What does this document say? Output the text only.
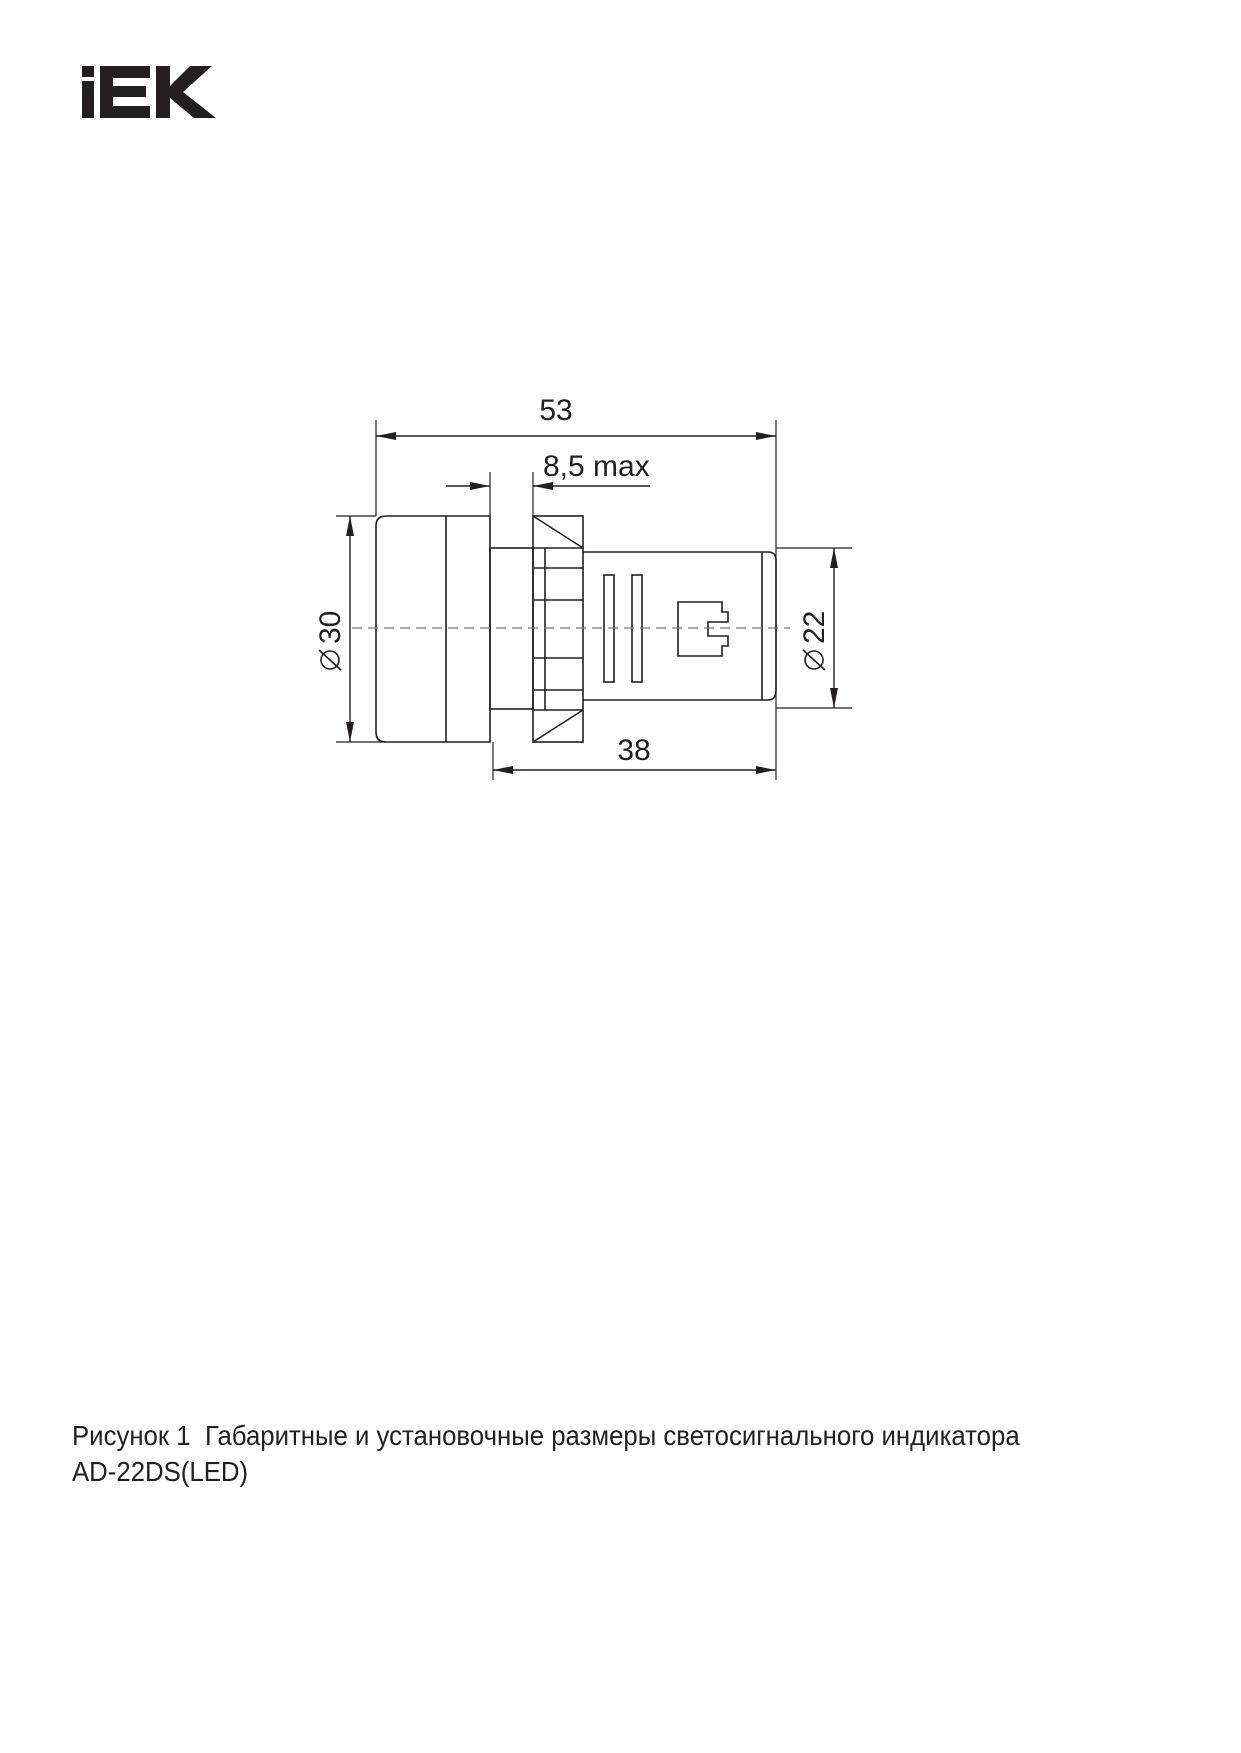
53
8,5 max
38
30	22
Рисунок 1  Габаритные и установочные размеры светосигнального индикатора
AD-22DS(LED)
